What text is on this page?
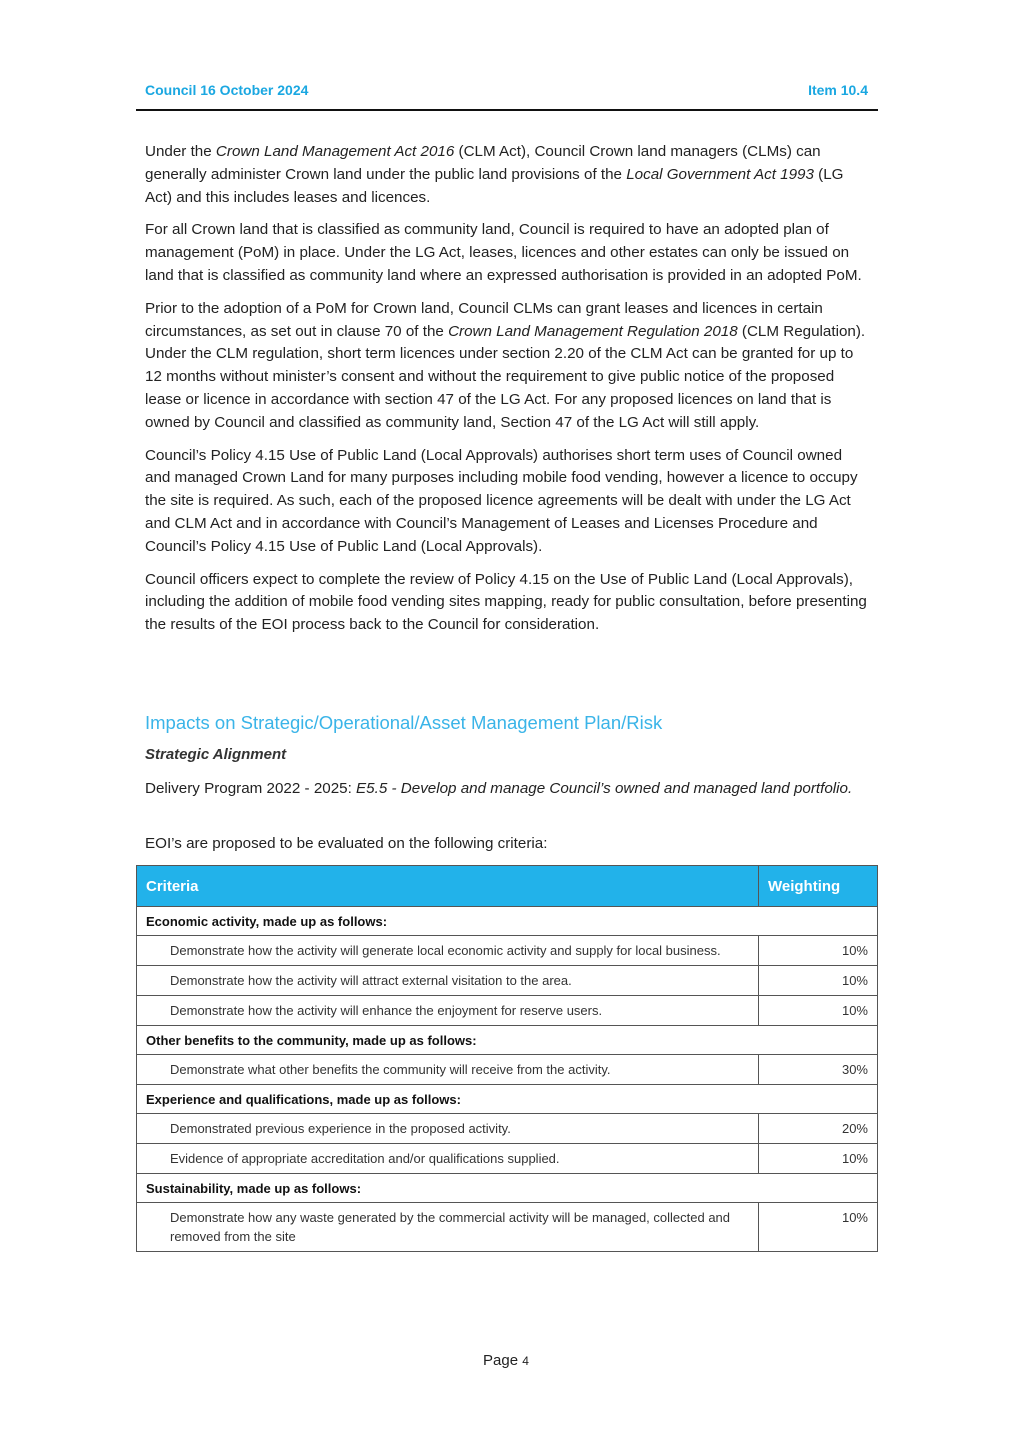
Council 16 October 2024	Item 10.4

Under the Crown Land Management Act 2016 (CLM Act), Council Crown land managers (CLMs) can generally administer Crown land under the public land provisions of the Local Government Act 1993 (LG Act) and this includes leases and licences.

For all Crown land that is classified as community land, Council is required to have an adopted plan of management (PoM) in place. Under the LG Act, leases, licences and other estates can only be issued on land that is classified as community land where an expressed authorisation is provided in an adopted PoM.

Prior to the adoption of a PoM for Crown land, Council CLMs can grant leases and licences in certain circumstances, as set out in clause 70 of the Crown Land Management Regulation 2018 (CLM Regulation). Under the CLM regulation, short term licences under section 2.20 of the CLM Act can be granted for up to 12 months without minister’s consent and without the requirement to give public notice of the proposed lease or licence in accordance with section 47 of the LG Act. For any proposed licences on land that is owned by Council and classified as community land, Section 47 of the LG Act will still apply.

Council’s Policy 4.15 Use of Public Land (Local Approvals) authorises short term uses of Council owned and managed Crown Land for many purposes including mobile food vending, however a licence to occupy the site is required. As such, each of the proposed licence agreements will be dealt with under the LG Act and CLM Act and in accordance with Council’s Management of Leases and Licenses Procedure and Council’s Policy 4.15 Use of Public Land (Local Approvals).

Council officers expect to complete the review of Policy 4.15 on the Use of Public Land (Local Approvals), including the addition of mobile food vending sites mapping, ready for public consultation, before presenting the results of the EOI process back to the Council for consideration.

Impacts on Strategic/Operational/Asset Management Plan/Risk
Strategic Alignment
Delivery Program 2022 - 2025: E5.5 - Develop and manage Council’s owned and managed land portfolio.
EOI’s are proposed to be evaluated on the following criteria:
Criteria	Weighting
Economic activity, made up as follows:	
Demonstrate how the activity will generate local economic activity and supply for local business.	10%
Demonstrate how the activity will attract external visitation to the area.	10%
Demonstrate how the activity will enhance the enjoyment for reserve users.	10%
Other benefits to the community, made up as follows:	
Demonstrate what other benefits the community will receive from the activity.	30%
Experience and qualifications, made up as follows:	
Demonstrated previous experience in the proposed activity.	20%
Evidence of appropriate accreditation and/or qualifications supplied.	10%
Sustainability, made up as follows:	
Demonstrate how any waste generated by the commercial activity will be managed, collected and removed from the site	10%
Page 4
